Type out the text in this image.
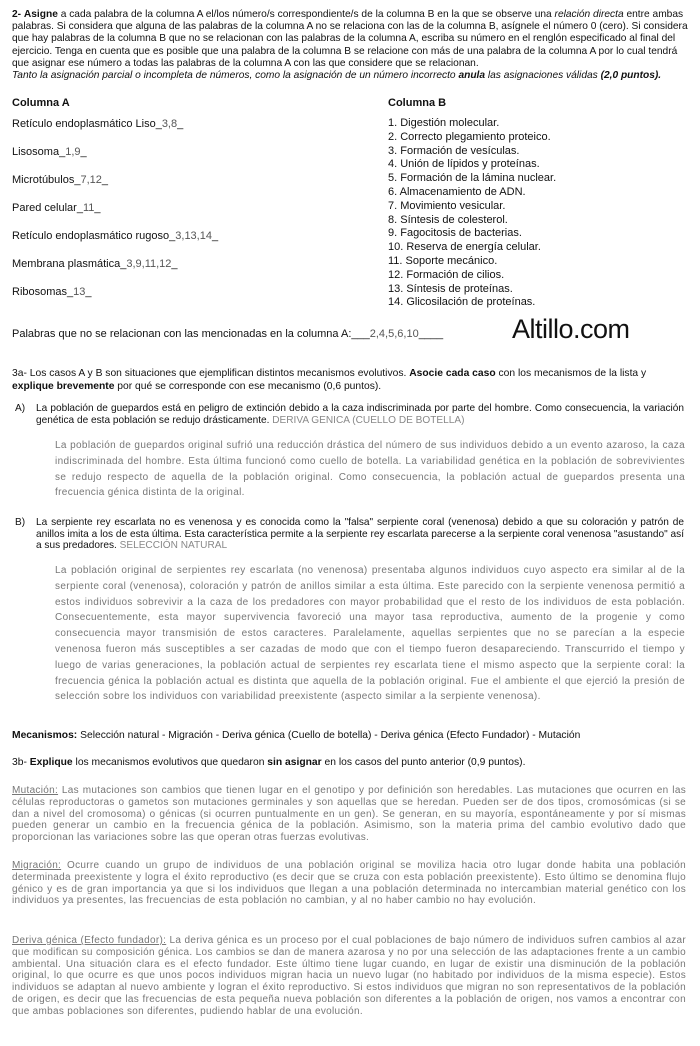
2- Asigne a cada palabra de la columna A el/los número/s correspondiente/s de la columna B en la que se observe una relación directa entre ambas palabras. Si considera que alguna de las palabras de la columna A no se relaciona con las de la columna B, asígnele el número 0 (cero). Si considera que hay palabras de la columna B que no se relacionan con las palabras de la columna A, escriba su número en el renglón especificado al final del ejercicio. Tenga en cuenta que es posible que una palabra de la columna B se relacione con más de una palabra de la columna A por lo cual tendrá que asignar ese número a todas las palabras de la columna A con las que considere que se relacionan.
Tanto la asignación parcial o incompleta de números, como la asignación de un número incorrecto anula las asignaciones válidas (2,0 puntos).
Columna A
Retículo endoplasmático Liso_3,8_
Lisosoma_1,9_
Microtúbulos_7,12_
Pared celular_11_
Retículo endoplasmático rugoso_3,13,14_
Membrana plasmática_3,9,11,12_
Ribosomas_13_
Columna B
1. Digestión molecular.
2. Correcto plegamiento proteico.
3. Formación de vesículas.
4. Unión de lípidos y proteínas.
5. Formación de la lámina nuclear.
6. Almacenamiento de ADN.
7. Movimiento vesicular.
8. Síntesis de colesterol.
9. Fagocitosis de bacterias.
10. Reserva de energía celular.
11. Soporte mecánico.
12. Formación de cilios.
13. Síntesis de proteínas.
14. Glicosilación de proteínas.
Palabras que no se relacionan con las mencionadas en la columna A:___2,4,5,6,10____	Altillo.com
3a- Los casos A y B son situaciones que ejemplifican distintos mecanismos evolutivos. Asocie cada caso con los mecanismos de la lista y explique brevemente por qué se corresponde con ese mecanismo (0,6 puntos).
A)	La población de guepardos está en peligro de extinción debido a la caza indiscriminada por parte del hombre. Como consecuencia, la variación genética de esta población se redujo drásticamente. DERIVA GENICA (CUELLO DE BOTELLA)
La población de guepardos original sufrió una reducción drástica del número de sus individuos debido a un evento azaroso, la caza indiscriminada del hombre. Esta última funcionó como cuello de botella. La variabilidad genética en la población de sobrevivientes se redujo respecto de aquella de la población original. Como consecuencia, la población actual de guepardos presenta una frecuencia génica distinta de la original.
B)	La serpiente rey escarlata no es venenosa y es conocida como la "falsa" serpiente coral (venenosa) debido a que su coloración y patrón de anillos imita a los de esta última. Esta característica permite a la serpiente rey escarlata parecerse a la serpiente coral venenosa "asustando" así a sus predadores. SELECCIÓN NATURAL
La población original de serpientes rey escarlata (no venenosa) presentaba algunos individuos cuyo aspecto era similar al de la serpiente coral (venenosa), coloración y patrón de anillos similar a esta última. Este parecido con la serpiente venenosa permitió a estos individuos sobrevivir a la caza de los predadores con mayor probabilidad que el resto de los individuos de esta población. Consecuentemente, esta mayor supervivencia favoreció una mayor tasa reproductiva, aumento de la progenie y como consecuencia mayor transmisión de estos caracteres. Paralelamente, aquellas serpientes que no se parecían a la especie venenosa fueron más susceptibles a ser cazadas de modo que con el tiempo fueron desapareciendo. Transcurrido el tiempo y luego de varias generaciones, la población actual de serpientes rey escarlata tiene el mismo aspecto que la serpiente coral: la frecuencia génica la población actual es distinta que aquella de la población original. Fue el ambiente el que ejerció la presión de selección sobre los individuos con variabilidad preexistente (aspecto similar a la serpiente venenosa).
Mecanismos: Selección natural - Migración - Deriva génica (Cuello de botella) - Deriva génica (Efecto Fundador) - Mutación
3b- Explique los mecanismos evolutivos que quedaron sin asignar en los casos del punto anterior (0,9 puntos).
Mutación: Las mutaciones son cambios que tienen lugar en el genotipo y por definición son heredables. Las mutaciones que ocurren en las células reproductoras o gametos son mutaciones germinales y son aquellas que se heredan. Pueden ser de dos tipos, cromosómicas (si se dan a nivel del cromosoma) o génicas (si ocurren puntualmente en un gen). Se generan, en su mayoría, espontáneamente y por sí mismas pueden generar un cambio en la frecuencia génica de la población. Asimismo, son la materia prima del cambio evolutivo dado que proporcionan las variaciones sobre las que operan otras fuerzas evolutivas.
Migración: Ocurre cuando un grupo de individuos de una población original se moviliza hacia otro lugar donde habita una población determinada preexistente y logra el éxito reproductivo (es decir que se cruza con esta población preexistente). Esto último se denomina flujo génico y es de gran importancia ya que si los individuos que llegan a una población determinada no intercambian material genético con los individuos ya presentes, las frecuencias de esta población no cambian, y al no haber cambio no hay evolución.
Deriva génica (Efecto fundador): La deriva génica es un proceso por el cual poblaciones de bajo número de individuos sufren cambios al azar que modifican su composición génica. Los cambios se dan de manera azarosa y no por una selección de las adaptaciones frente a un cambio ambiental. Una situación clara es el efecto fundador. Este último tiene lugar cuando, en lugar de existir una disminución de la población original, lo que ocurre es que unos pocos individuos migran hacia un nuevo lugar (no habitado por individuos de la misma especie). Estos individuos se adaptan al nuevo ambiente y logran el éxito reproductivo. Si estos individuos que migran no son representativos de la población de origen, es decir que las frecuencias de esta pequeña nueva población son diferentes a la población de origen, nos vamos a encontrar con que ambas poblaciones son diferentes, pudiendo hablar de una evolución.
